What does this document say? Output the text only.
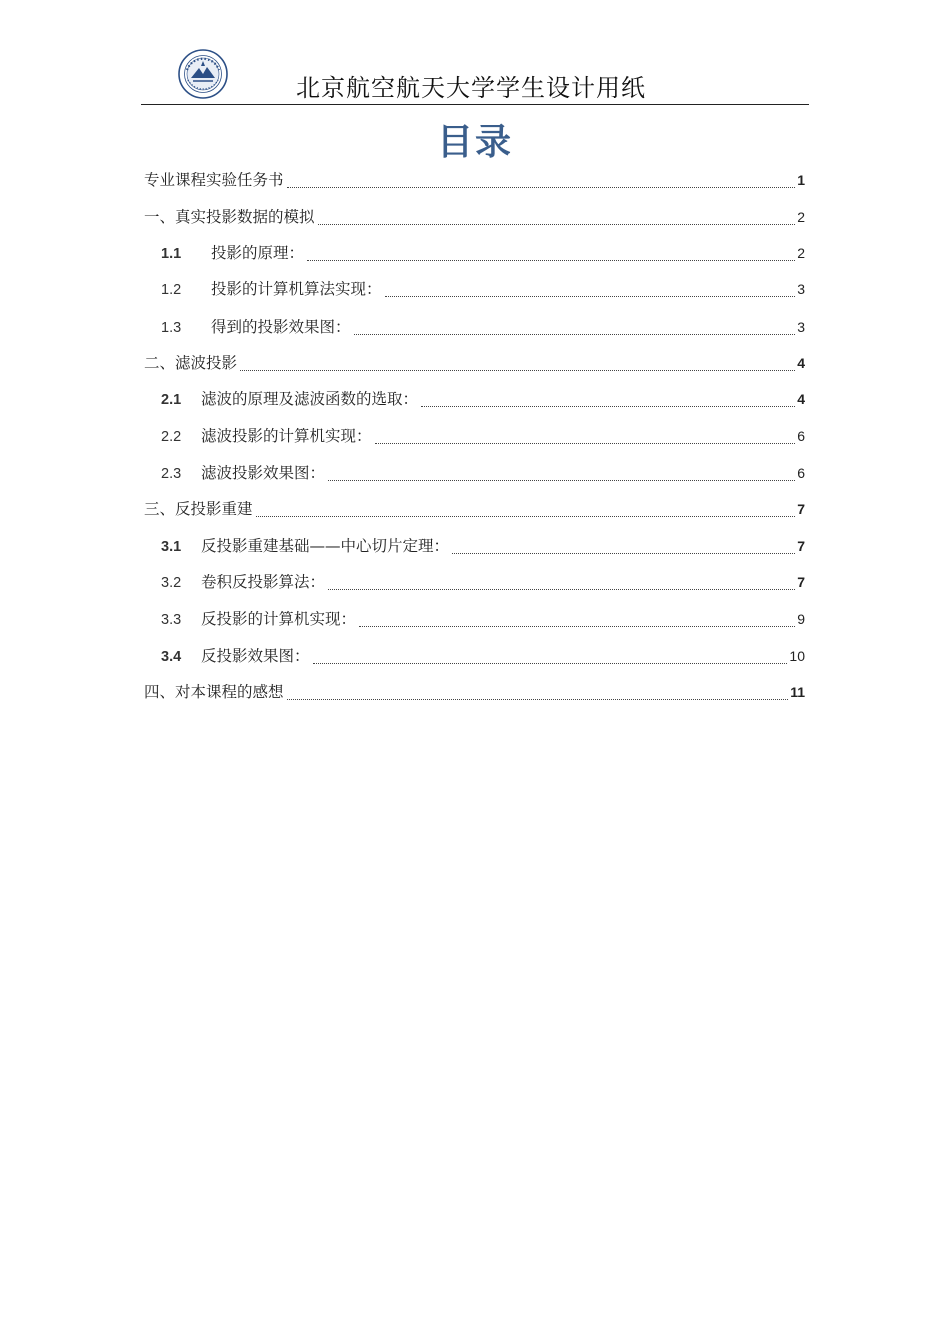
北京航空航天大学学生设计用纸
目录
专业课程实验任务书	1
一、真实投影数据的模拟	2
1.1	投影的原理：	2
1.2	投影的计算机算法实现：	3
1.3	得到的投影效果图：	3
二、滤波投影	4
2.1	滤波的原理及滤波函数的选取：	4
2.2	滤波投影的计算机实现：	6
2.3	滤波投影效果图：	6
三、反投影重建	7
3.1	反投影重建基础——中心切片定理：	7
3.2	卷积反投影算法：	7
3.3	反投影的计算机实现：	9
3.4	反投影效果图：	10
四、对本课程的感想	11
